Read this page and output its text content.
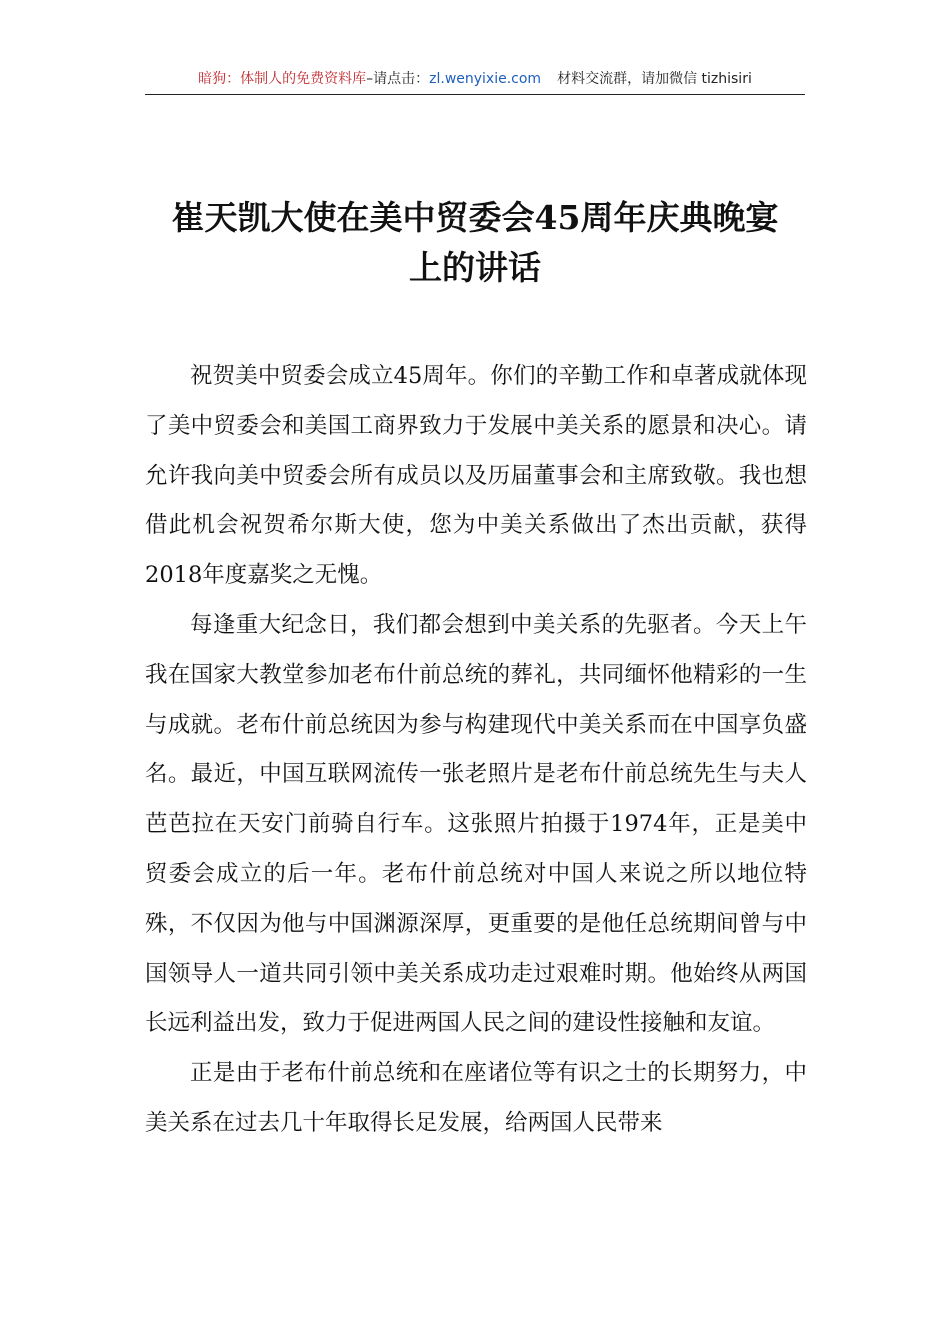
暗狗：体制人的免费资料库–请点击：zl.wenyixie.com 材料交流群，请加微信 tizhisiri
崔天凯大使在美中贸委会45周年庆典晚宴
上的讲话

祝贺美中贸委会成立45周年。你们的辛勤工作和卓著成就体现了美中贸委会和美国工商界致力于发展中美关系的愿景和决心。请允许我向美中贸委会所有成员以及历届董事会和主席致敬。我也想借此机会祝贺希尔斯大使，您为中美关系做出了杰出贡献，获得2018年度嘉奖之无愧。

每逢重大纪念日，我们都会想到中美关系的先驱者。今天上午我在国家大教堂参加老布什前总统的葬礼，共同缅怀他精彩的一生与成就。老布什前总统因为参与构建现代中美关系而在中国享负盛名。最近，中国互联网流传一张老照片是老布什前总统先生与夫人芭芭拉在天安门前骑自行车。这张照片拍摄于1974年，正是美中贸委会成立的后一年。老布什前总统对中国人来说之所以地位特殊，不仅因为他与中国渊源深厚，更重要的是他任总统期间曾与中国领导人一道共同引领中美关系成功走过艰难时期。他始终从两国长远利益出发，致力于促进两国人民之间的建设性接触和友谊。

正是由于老布什前总统和在座诸位等有识之士的长期努力，中美关系在过去几十年取得长足发展，给两国人民带来
